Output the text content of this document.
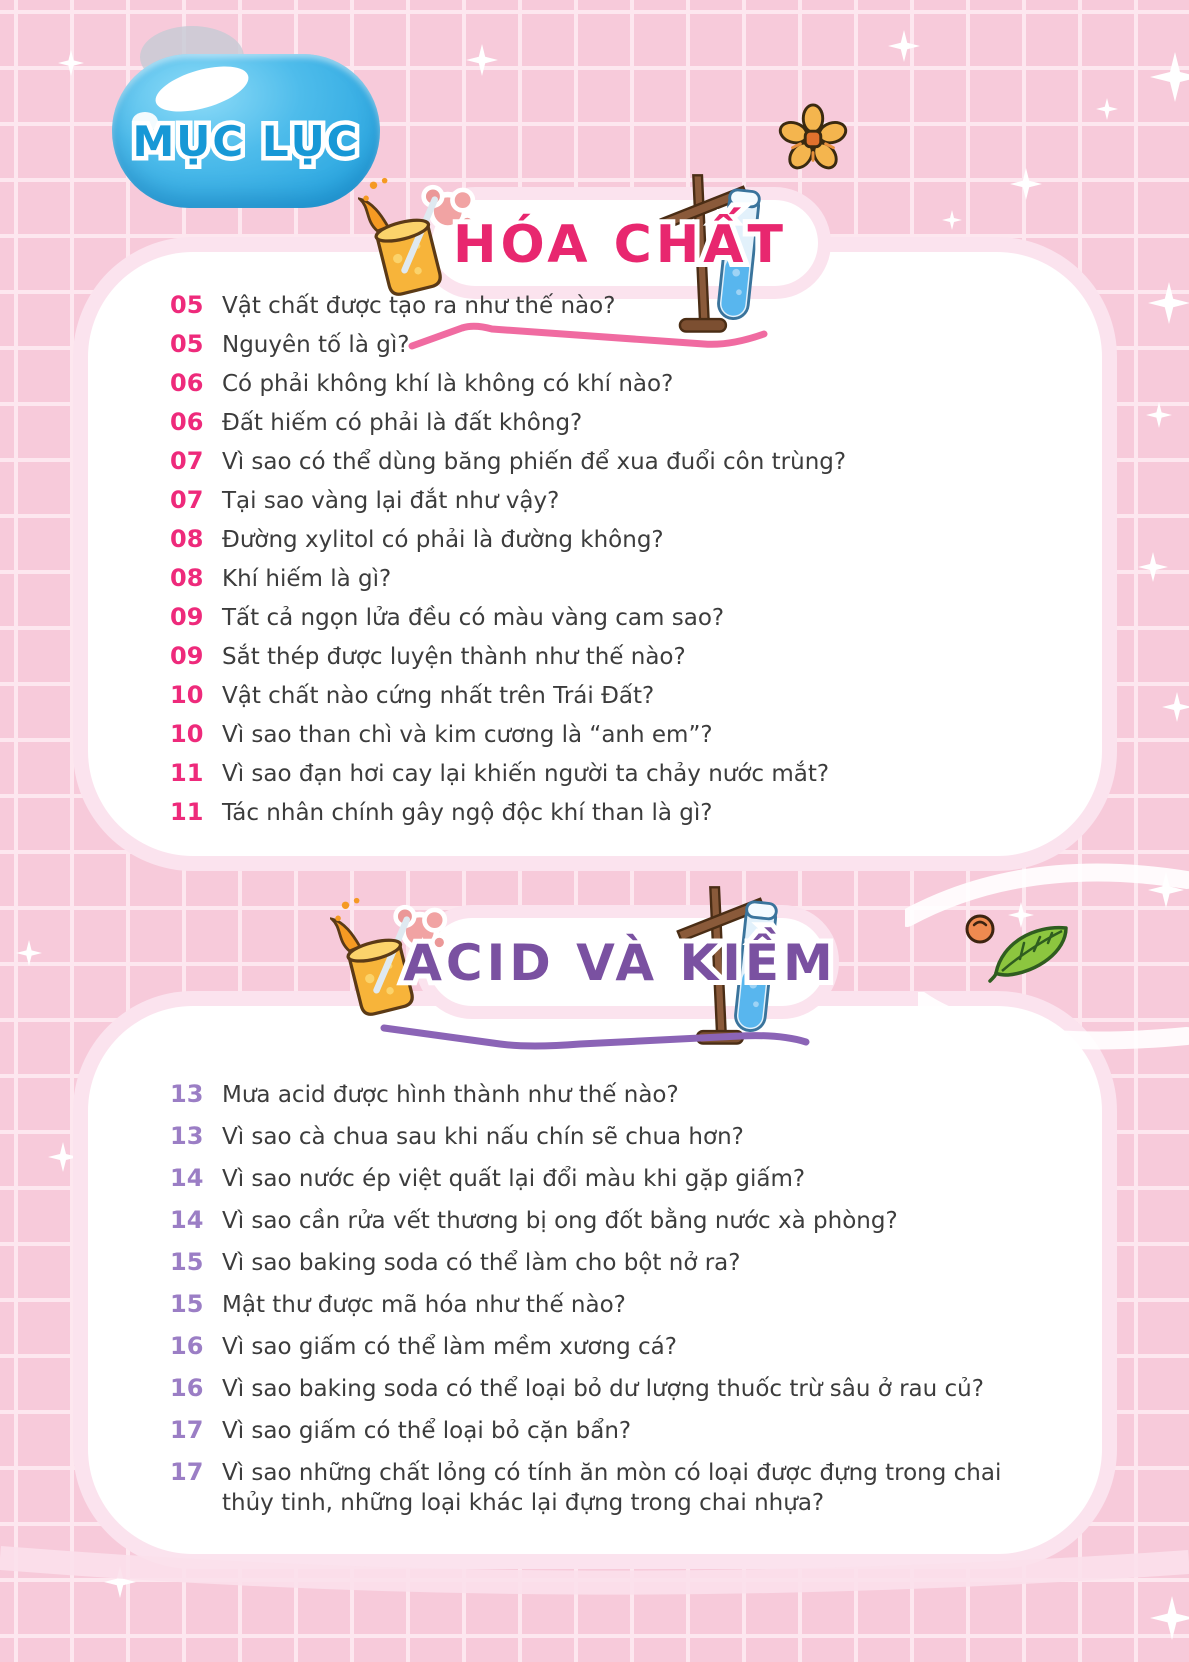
MỤC LỤC
HÓA CHẤT
05 Vật chất được tạo ra như thế nào?
05 Nguyên tố là gì?
06 Có phải không khí là không có khí nào?
06 Đất hiếm có phải là đất không?
07 Vì sao có thể dùng băng phiến để xua đuổi côn trùng?
07 Tại sao vàng lại đắt như vậy?
08 Đường xylitol có phải là đường không?
08 Khí hiếm là gì?
09 Tất cả ngọn lửa đều có màu vàng cam sao?
09 Sắt thép được luyện thành như thế nào?
10 Vật chất nào cứng nhất trên Trái Đất?
10 Vì sao than chì và kim cương là “anh em”?
11 Vì sao đạn hơi cay lại khiến người ta chảy nước mắt?
11 Tác nhân chính gây ngộ độc khí than là gì?
ACID VÀ KIỀM
13 Mưa acid được hình thành như thế nào?
13 Vì sao cà chua sau khi nấu chín sẽ chua hơn?
14 Vì sao nước ép việt quất lại đổi màu khi gặp giấm?
14 Vì sao cần rửa vết thương bị ong đốt bằng nước xà phòng?
15 Vì sao baking soda có thể làm cho bột nở ra?
15 Mật thư được mã hóa như thế nào?
16 Vì sao giấm có thể làm mềm xương cá?
16 Vì sao baking soda có thể loại bỏ dư lượng thuốc trừ sâu ở rau củ?
17 Vì sao giấm có thể loại bỏ cặn bẩn?
17 Vì sao những chất lỏng có tính ăn mòn có loại được đựng trong chai thủy tinh, những loại khác lại đựng trong chai nhựa?
